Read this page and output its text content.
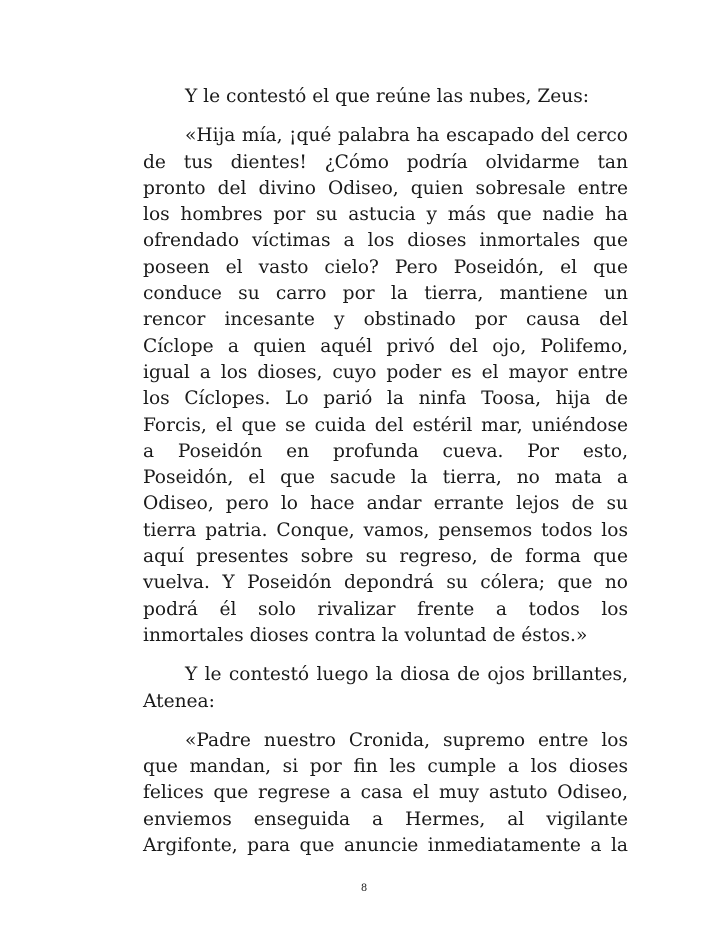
Y le contestó el que reúne las nubes, Zeus:
«Hija mía, ¡qué palabra ha escapado del cerco
de tus dientes! ¿Cómo podría olvidarme tan
pronto del divino Odiseo, quien sobresale entre
los hombres por su astucia y más que nadie ha
ofrendado víctimas a los dioses inmortales que
poseen el vasto cielo? Pero Poseidón, el que
conduce su carro por la tierra, mantiene un
rencor incesante y obstinado por causa del
Cíclope a quien aquél privó del ojo, Polifemo,
igual a los dioses, cuyo poder es el mayor entre
los Cíclopes. Lo parió la ninfa Toosa, hija de
Forcis, el que se cuida del estéril mar, uniéndose
a Poseidón en profunda cueva. Por esto,
Poseidón, el que sacude la tierra, no mata a
Odiseo, pero lo hace andar errante lejos de su
tierra patria. Conque, vamos, pensemos todos los
aquí presentes sobre su regreso, de forma que
vuelva. Y Poseidón depondrá su cólera; que no
podrá él solo rivalizar frente a todos los
inmortales dioses contra la voluntad de éstos.»
Y le contestó luego la diosa de ojos brillantes,
Atenea:
«Padre nuestro Cronida, supremo entre los
que mandan, si por fin les cumple a los dioses
felices que regrese a casa el muy astuto Odiseo,
enviemos enseguida a Hermes, al vigilante
Argifonte, para que anuncie inmediatamente a la
8
